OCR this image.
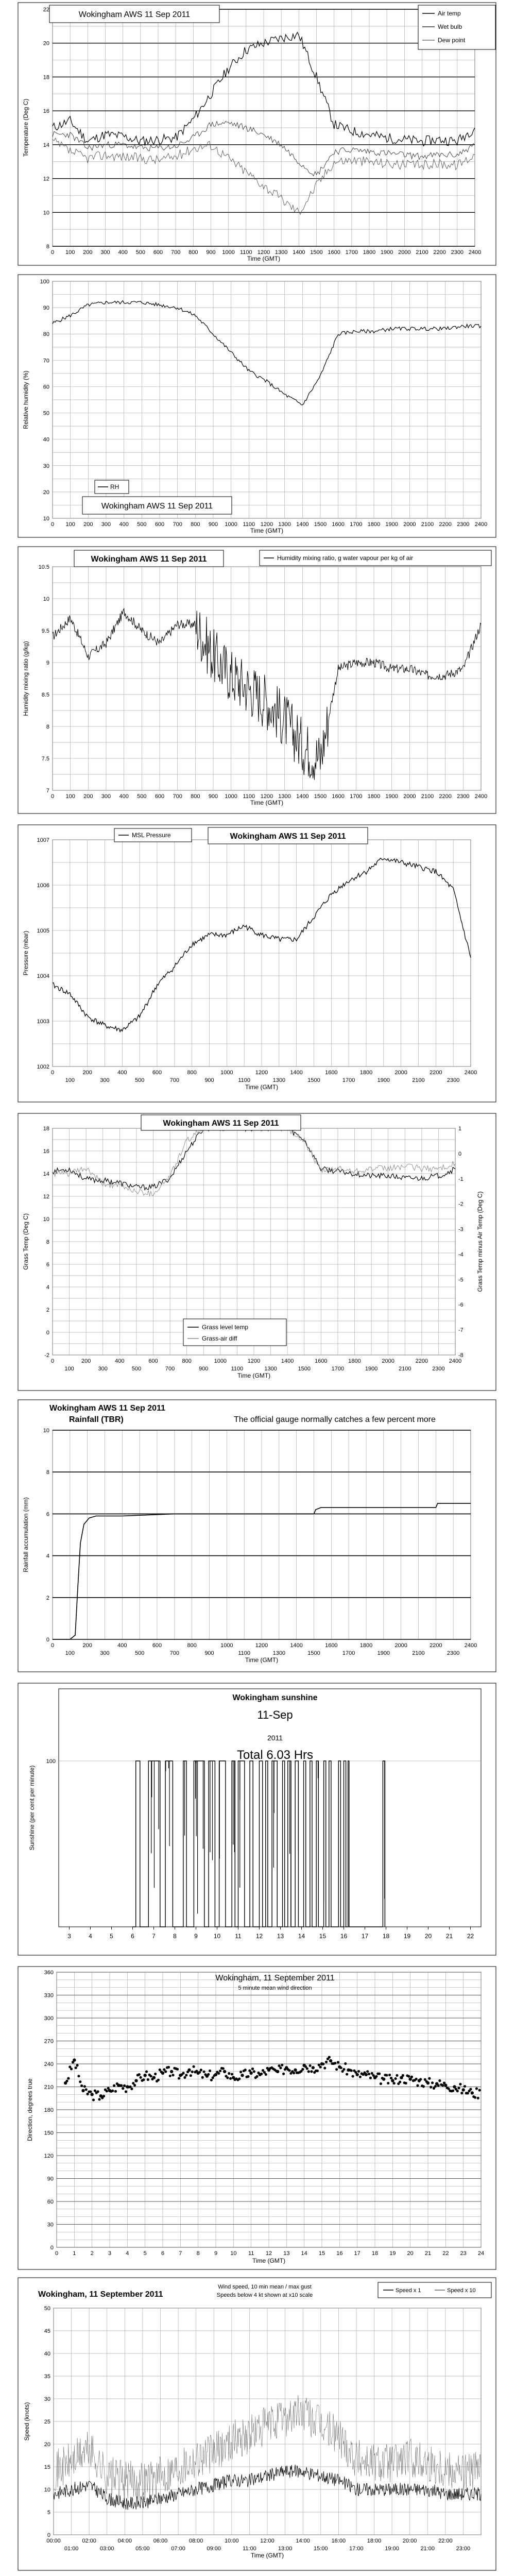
8
10
12
14
16
18
20
22
0 100 200 300 400 500 600 700 800 900 1000 1100 1200 1300 1400 1500 1600 1700 1800 1900 2000 2100 2200 2300 2400
Time (GMT)
Temperature (Deg C)
Wokingham AWS 11 Sep 2011	Air temp
Wet bulb
Dew point
10
20
30
40
50
60
70
80
90
100
0 100 200 300 400 500 600 700 800 900 1000 1100 1200 1300 1400 1500 1600 1700 1800 1900 2000 2100 2200 2300 2400
Time (GMT)
Relative humidity (%)
RH
Wokingham AWS 11 Sep 2011
7
7.5
8
8.5
9
9.5
10
10.5
0 100 200 300 400 500 600 700 800 900 1000 1100 1200 1300 1400 1500 1600 1700 1800 1900 2000 2100 2200 2300 2400
Time (GMT)
Humidity mixing ratio (g/kg)
Wokingham AWS 11 Sep 2011	Humidity mixing ratio, g water vapour per kg of air
1002
1003
1004
1005
1006
1007
0	200	400	600	800	1000	1200	1400	1600	1800	2000	2200	2400
100	300	500	700	900	1100	1300	1500	1700	1900	2100	2300
Time (GMT)
Pressure (mbar)
MSL Pressure	Wokingham AWS 11 Sep 2011
-2
0
2
4
6
8
10
12
14
16
18
-8
-7
-6
-5
-4
-3
-2
-1
0
1
0	200	400	600	800	1000	1200	1400	1600	1800	2000	2200	2400
100	300	500	700	900	1100	1300	1500	1700	1900	2100	2300
Time (GMT)
Grass Temp (Deg C)	Grass Temp minus Air Temp (Deg C)
Wokingham AWS 11 Sep 2011
Grass level temp
Grass-air diff
0
2
4
6
8
10
0	200	400	600	800	1000	1200	1400	1600	1800	2000	2200	2400
100	300	500	700	900	1100	1300	1500	1700	1900	2100	2300
Time (GMT)
Rainfall accumulation (mm)
Wokingham AWS 11 Sep 2011
Rainfall (TBR)	The official gauge normally catches a few percent more
100
3	4	5	6	7	8	9	10 11 12 13 14 15 16 17 18 19 20 21 22
Sunshine (per cent per minute)
Wokingham sunshine
11-Sep
2011
Total 6.03 Hrs
0
30
60
90
120
150
180
210
240
270
300
330
360
0	1	2	3	4	5	6	7	8	9 10 11 12 13 14 15 16 17 18 19 20 21 22 23 24
Time (GMT)
Direction, degrees true
Wokingham, 11 September 2011
5 minute mean wind direction
0
5
10
15
20
25
30
35
40
45
50
00:00	02:00	04:00	06:00	08:00	10:00	12:00	14:00	16:00	18:00	20:00	22:00
01:00	03:00	05:00	07:00	09:00	11:00	13:00	15:00	17:00	19:00	21:00	23:00
Time (GMT)
Speed (knots)
Wokingham, 11 September 2011
Wind speed, 10 min mean / max gust
Speeds below 4 kt shown at x10 scale
Speed x 1	Speed x 10
